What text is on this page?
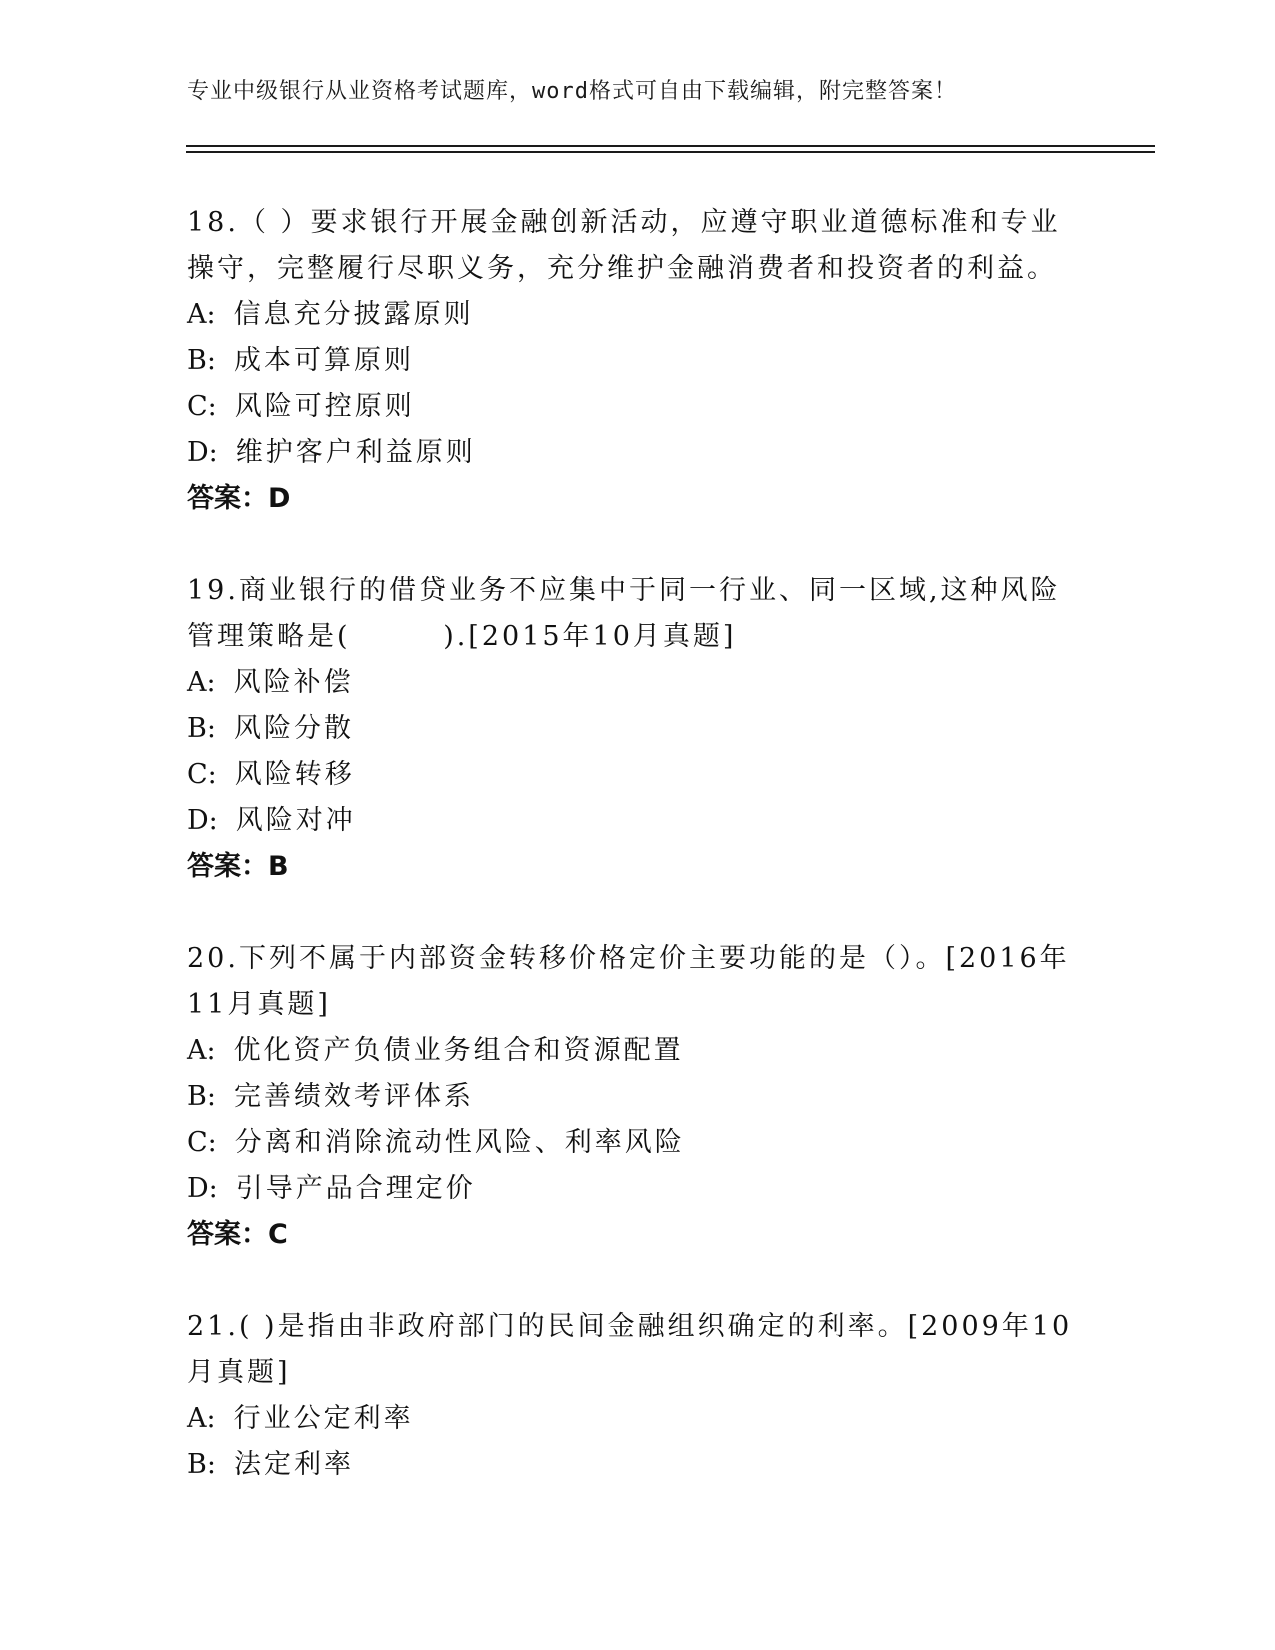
专业中级银行从业资格考试题库，word格式可自由下载编辑，附完整答案！

18.（ ）要求银行开展金融创新活动，应遵守职业道德标准和专业操守，完整履行尽职义务，充分维护金融消费者和投资者的利益。

A: 信息充分披露原则

B: 成本可算原则

C: 风险可控原则

D: 维护客户利益原则

答案：D

19.商业银行的借贷业务不应集中于同一行业、同一区域,这种风险管理策略是(        ).[2015年10月真题]

A: 风险补偿

B: 风险分散

C: 风险转移

D: 风险对冲

答案：B

20.下列不属于内部资金转移价格定价主要功能的是（）。[2016年11月真题]

A: 优化资产负债业务组合和资源配置

B: 完善绩效考评体系

C: 分离和消除流动性风险、利率风险

D: 引导产品合理定价

答案：C

21.( )是指由非政府部门的民间金融组织确定的利率。[2009年10月真题]

A: 行业公定利率

B: 法定利率
